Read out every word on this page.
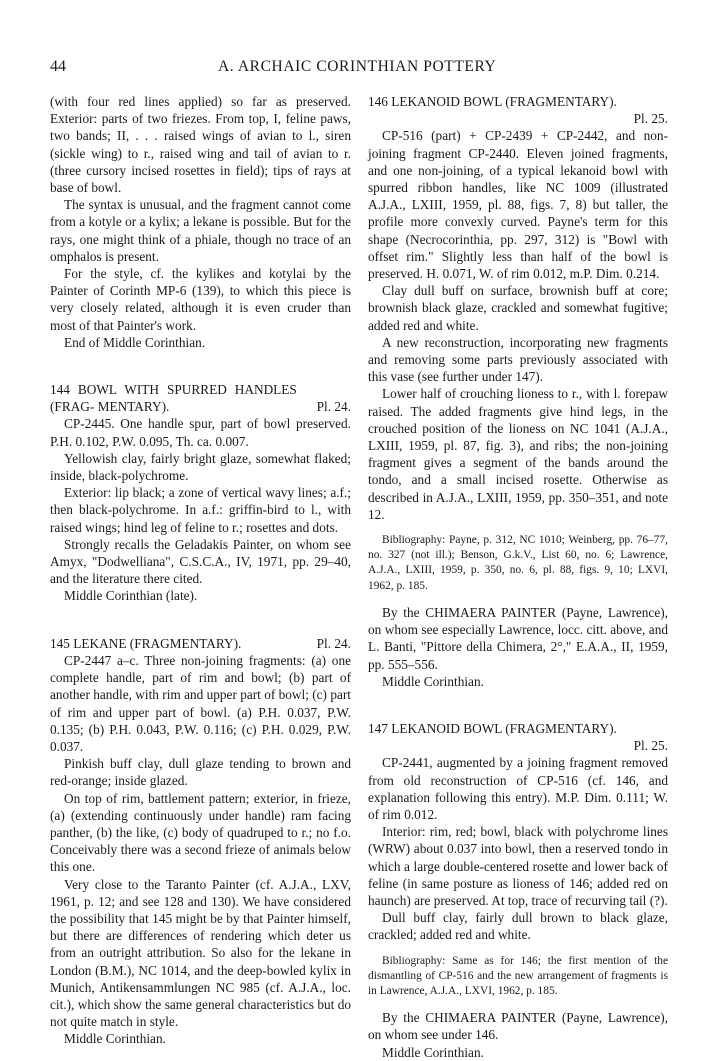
44	A. ARCHAIC CORINTHIAN POTTERY

(with four red lines applied) so far as preserved. Exterior: parts of two friezes. From top, I, feline paws, two bands; II, . . . raised wings of avian to l., siren (sickle wing) to r., raised wing and tail of avian to r. (three cursory incised rosettes in field); tips of rays at base of bowl.

The syntax is unusual, and the fragment cannot come from a kotyle or a kylix; a lekane is possible. But for the rays, one might think of a phiale, though no trace of an omphalos is present.

For the style, cf. the kylikes and kotylai by the Painter of Corinth MP-6 (139), to which this piece is very closely related, although it is even cruder than most of that Painter's work.

End of Middle Corinthian.

144 BOWL WITH SPURRED HANDLES (FRAG- MENTARY).	Pl. 24.

CP-2445. One handle spur, part of bowl preserved. P.H. 0.102, P.W. 0.095, Th. ca. 0.007.

Yellowish clay, fairly bright glaze, somewhat flaked; inside, black-polychrome.

Exterior: lip black; a zone of vertical wavy lines; a.f.; then black-polychrome. In a.f.: griffin-bird to l., with raised wings; hind leg of feline to r.; rosettes and dots.

Strongly recalls the Geladakis Painter, on whom see Amyx, "Dodwelliana", C.S.C.A., IV, 1971, pp. 29–40, and the literature there cited.

Middle Corinthian (late).

145 LEKANE (FRAGMENTARY).	Pl. 24.

CP-2447 a–c. Three non-joining fragments: (a) one complete handle, part of rim and bowl; (b) part of another handle, with rim and upper part of bowl; (c) part of rim and upper part of bowl. (a) P.H. 0.037, P.W. 0.135; (b) P.H. 0.043, P.W. 0.116; (c) P.H. 0.029, P.W. 0.037.

Pinkish buff clay, dull glaze tending to brown and red-orange; inside glazed.

On top of rim, battlement pattern; exterior, in frieze, (a) (extending continuously under handle) ram facing panther, (b) the like, (c) body of quadruped to r.; no f.o. Conceivably there was a second frieze of animals below this one.

Very close to the Taranto Painter (cf. A.J.A., LXV, 1961, p. 12; and see 128 and 130). We have considered the possibility that 145 might be by that Painter himself, but there are differences of rendering which deter us from an outright attribution. So also for the lekane in London (B.M.), NC 1014, and the deep-bowled kylix in Munich, Antikensammlungen NC 985 (cf. A.J.A., loc. cit.), which show the same general characteristics but do not quite match in style.

Middle Corinthian.

146 LEKANOID BOWL (FRAGMENTARY).

Pl. 25.

CP-516 (part) + CP-2439 + CP-2442, and non-joining fragment CP-2440. Eleven joined fragments, and one non-joining, of a typical lekanoid bowl with spurred ribbon handles, like NC 1009 (illustrated A.J.A., LXIII, 1959, pl. 88, figs. 7, 8) but taller, the profile more convexly curved. Payne's term for this shape (Necrocorinthia, pp. 297, 312) is "Bowl with offset rim." Slightly less than half of the bowl is preserved. H. 0.071, W. of rim 0.012, m.P. Dim. 0.214.

Clay dull buff on surface, brownish buff at core; brownish black glaze, crackled and somewhat fugitive; added red and white.

A new reconstruction, incorporating new fragments and removing some parts previously associated with this vase (see further under 147).

Lower half of crouching lioness to r., with l. forepaw raised. The added fragments give hind legs, in the crouched position of the lioness on NC 1041 (A.J.A., LXIII, 1959, pl. 87, fig. 3), and ribs; the non-joining fragment gives a segment of the bands around the tondo, and a small incised rosette. Otherwise as described in A.J.A., LXIII, 1959, pp. 350–351, and note 12.

Bibliography: Payne, p. 312, NC 1010; Weinberg, pp. 76–77, no. 327 (not ill.); Benson, G.k.V., List 60, no. 6; Lawrence, A.J.A., LXIII, 1959, p. 350, no. 6, pl. 88, figs. 9, 10; LXVI, 1962, p. 185.

By the CHIMAERA PAINTER (Payne, Lawrence), on whom see especially Lawrence, locc. citt. above, and L. Banti, "Pittore della Chimera, 2°," E.A.A., II, 1959, pp. 555–556.

Middle Corinthian.

147 LEKANOID BOWL (FRAGMENTARY).

Pl. 25.

CP-2441, augmented by a joining fragment removed from old reconstruction of CP-516 (cf. 146, and explanation following this entry). M.P. Dim. 0.111; W. of rim 0.012.

Interior: rim, red; bowl, black with polychrome lines (WRW) about 0.037 into bowl, then a reserved tondo in which a large double-centered rosette and lower back of feline (in same posture as lioness of 146; added red on haunch) are preserved. At top, trace of recurving tail (?).

Dull buff clay, fairly dull brown to black glaze, crackled; added red and white.

Bibliography: Same as for 146; the first mention of the dismantling of CP-516 and the new arrangement of fragments is in Lawrence, A.J.A., LXVI, 1962, p. 185.

By the CHIMAERA PAINTER (Payne, Lawrence), on whom see under 146.

Middle Corinthian.
